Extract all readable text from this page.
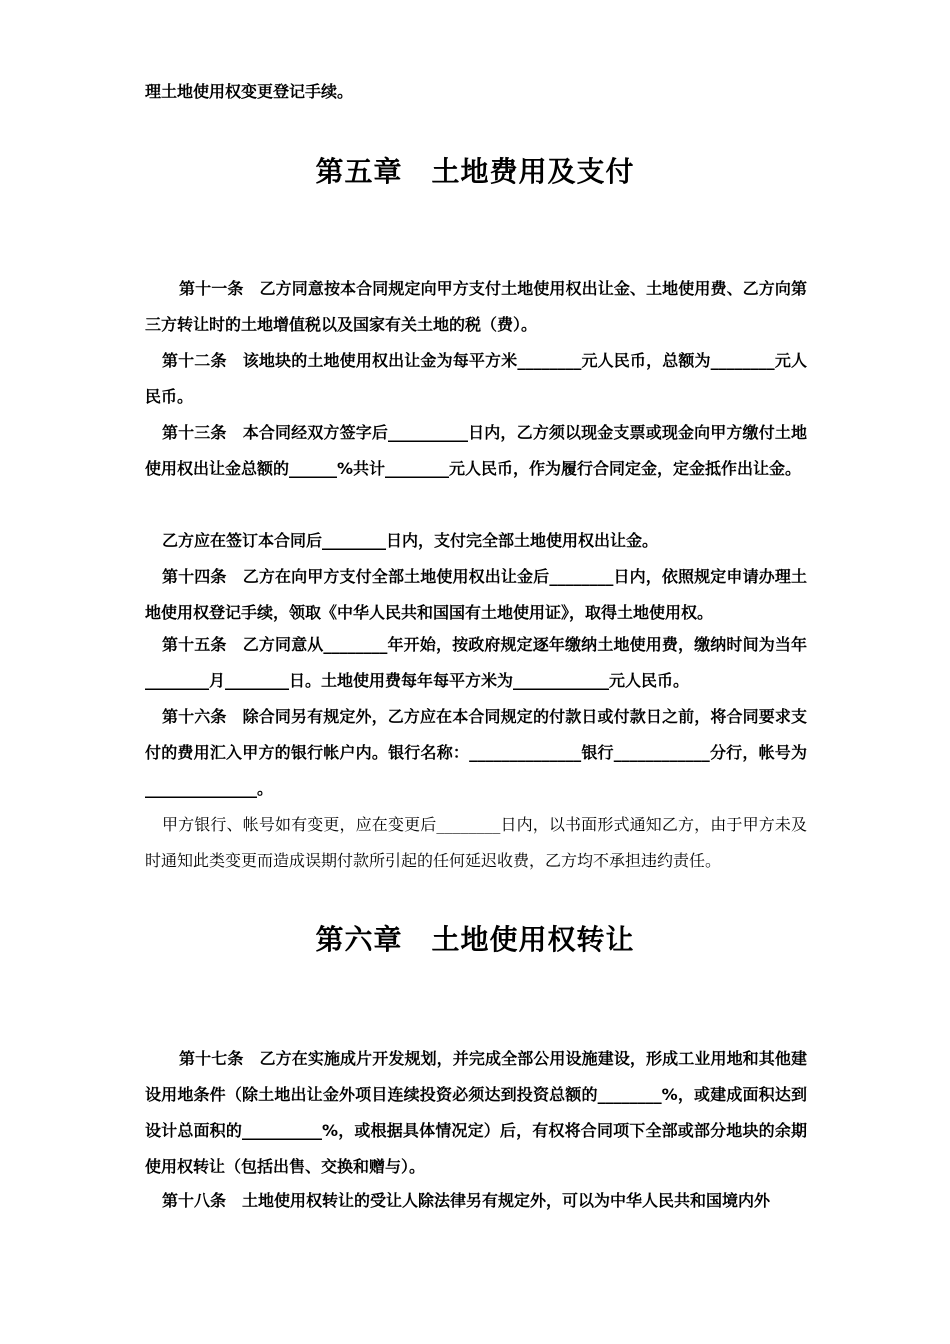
理土地使用权变更登记手续。

第五章　土地费用及支付

第十一条　乙方同意按本合同规定向甲方支付土地使用权出让金、土地使用费、乙方向第三方转让时的土地增值税以及国家有关土地的税（费）。

第十二条　该地块的土地使用权出让金为每平方米________元人民币，总额为________元人民币。

第十三条　本合同经双方签字后__________日内，乙方须以现金支票或现金向甲方缴付土地使用权出让金总额的______%共计________元人民币，作为履行合同定金，定金抵作出让金。

乙方应在签订本合同后________日内，支付完全部土地使用权出让金。

第十四条　乙方在向甲方支付全部土地使用权出让金后________日内，依照规定申请办理土地使用权登记手续，领取《中华人民共和国国有土地使用证》，取得土地使用权。

第十五条　乙方同意从________年开始，按政府规定逐年缴纳土地使用费，缴纳时间为当年________月________日。土地使用费每年每平方米为____________元人民币。

第十六条　除合同另有规定外，乙方应在本合同规定的付款日或付款日之前，将合同要求支付的费用汇入甲方的银行帐户内。银行名称：______________银行____________分行，帐号为______________。

甲方银行、帐号如有变更，应在变更后________日内，以书面形式通知乙方，由于甲方未及时通知此类变更而造成误期付款所引起的任何延迟收费，乙方均不承担违约责任。

第六章　土地使用权转让

第十七条　乙方在实施成片开发规划，并完成全部公用设施建设，形成工业用地和其他建设用地条件（除土地出让金外项目连续投资必须达到投资总额的________%，或建成面积达到设计总面积的__________%，或根据具体情况定）后，有权将合同项下全部或部分地块的余期使用权转让（包括出售、交换和赠与）。

第十八条　土地使用权转让的受让人除法律另有规定外，可以为中华人民共和国境内外
